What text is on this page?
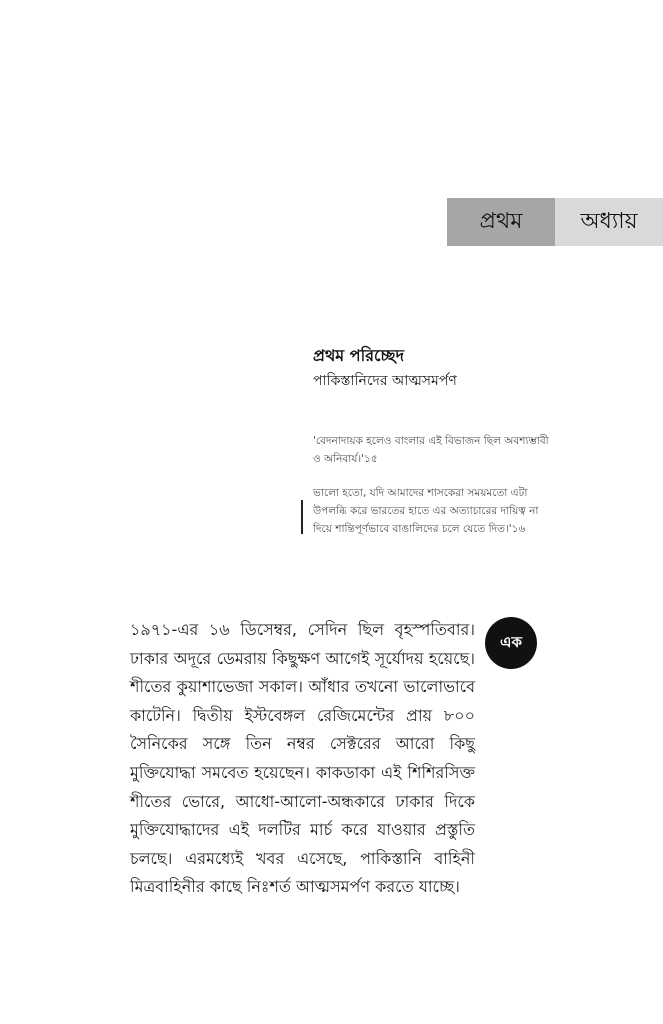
প্রথম	অধ্যায়
প্রথম পরিচ্ছেদ
পাকিস্তানিদের আত্মসমর্পণ
'বেদনাদায়ক হলেও বাংলার এই বিভাজন ছিল অবশ্যম্ভাবী ও অনিবার্য।'১৫
ভালো হতো, যদি আমাদের শাসকেরা সময়মতো এটা উপলব্ধি করে ভারতের হাতে এর অত্যাচারের দায়িত্ব না দিয়ে শান্তিপূর্ণভাবে বাঙালিদের চলে যেতে দিত।'১৬
এক

১৯৭১-এর ১৬ ডিসেম্বর, সেদিন ছিল বৃহস্পতিবার। ঢাকার অদূরে ডেমরায় কিছুক্ষণ আগেই সূর্যোদয় হয়েছে। শীতের কুয়াশাভেজা সকাল। আঁধার তখনো ভালোভাবে কাটেনি। দ্বিতীয় ইস্টবেঙ্গল রেজিমেন্টের প্রায় ৮০০ সৈনিকের সঙ্গে তিন নম্বর সেক্টরের আরো কিছু মুক্তিযোদ্ধা সমবেত হয়েছেন। কাকডাকা এই শিশিরসিক্ত শীতের ভোরে, আধো-আলো-অন্ধকারে ঢাকার দিকে মুক্তিযোদ্ধাদের এই দলটির মার্চ করে যাওয়ার প্রস্তুতি চলছে। এরমধ্যেই খবর এসেছে, পাকিস্তানি বাহিনী মিত্রবাহিনীর কাছে নিঃশর্ত আত্মসমর্পণ করতে যাচ্ছে।
